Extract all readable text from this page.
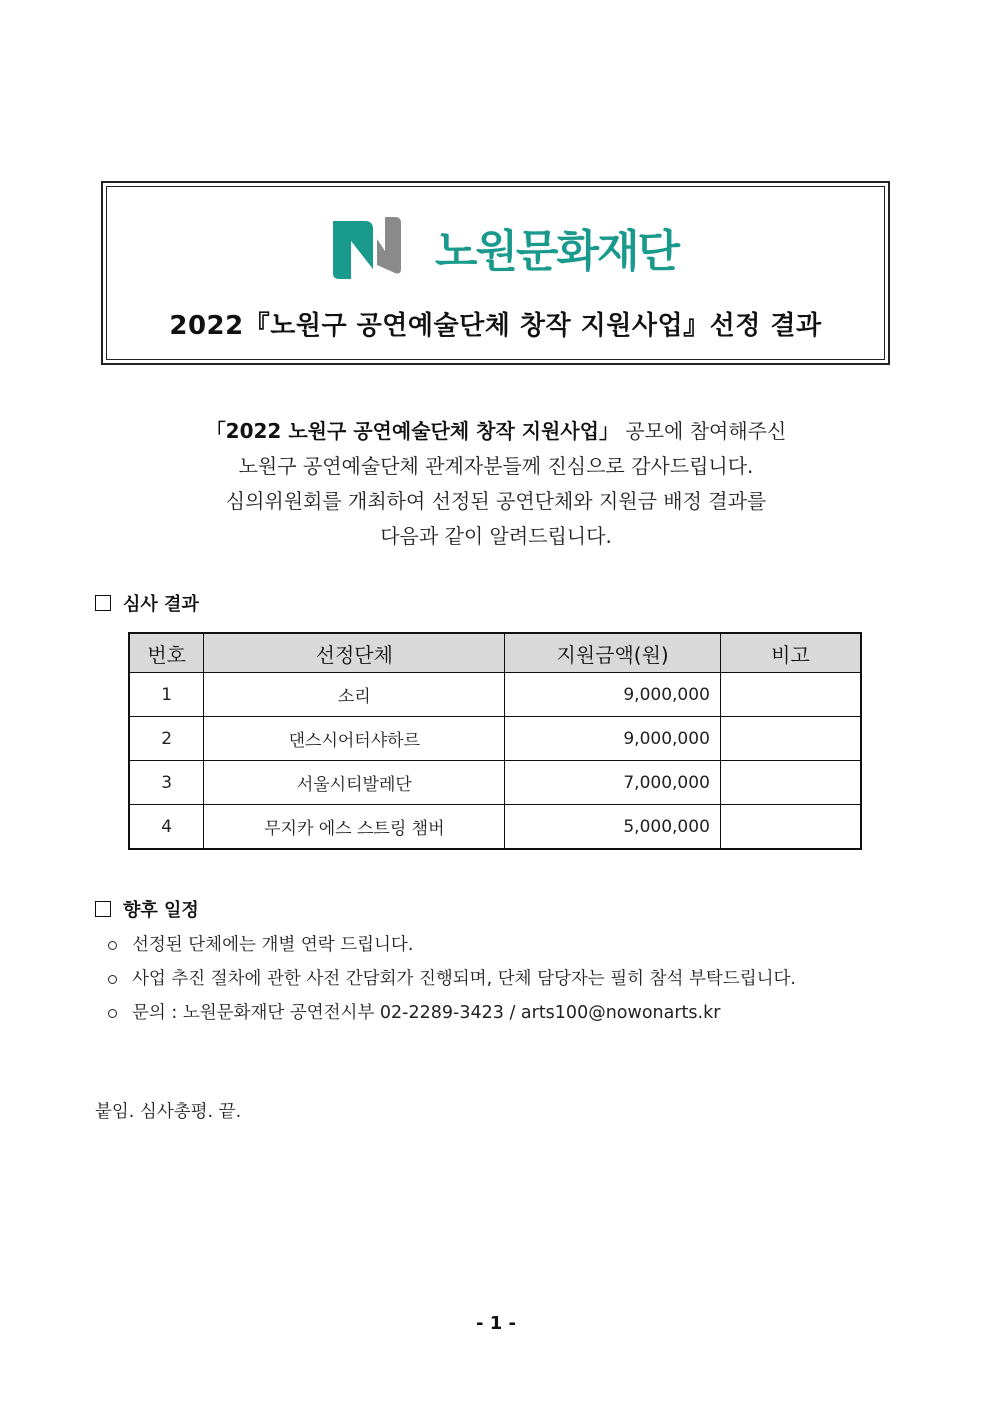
노원문화재단
2022『노원구 공연예술단체 창작 지원사업』선정 결과
「2022 노원구 공연예술단체 창작 지원사업」 공모에 참여해주신
노원구 공연예술단체 관계자분들께 진심으로 감사드립니다.
심의위원회를 개최하여 선정된 공연단체와 지원금 배정 결과를
다음과 같이 알려드립니다.
심사 결과
번호	선정단체	지원금액(원)	비고
1	소리	9,000,000	
2	댄스시어터샤하르	9,000,000	
3	서울시티발레단	7,000,000	
4	무지카 에스 스트링 챔버	5,000,000	
향후 일정
선정된 단체에는 개별 연락 드립니다.
사업 추진 절차에 관한 사전 간담회가 진행되며, 단체 담당자는 필히 참석 부탁드립니다.
문의 : 노원문화재단 공연전시부 02-2289-3423 / arts100@nowonarts.kr
붙임. 심사총평. 끝.
- 1 -
